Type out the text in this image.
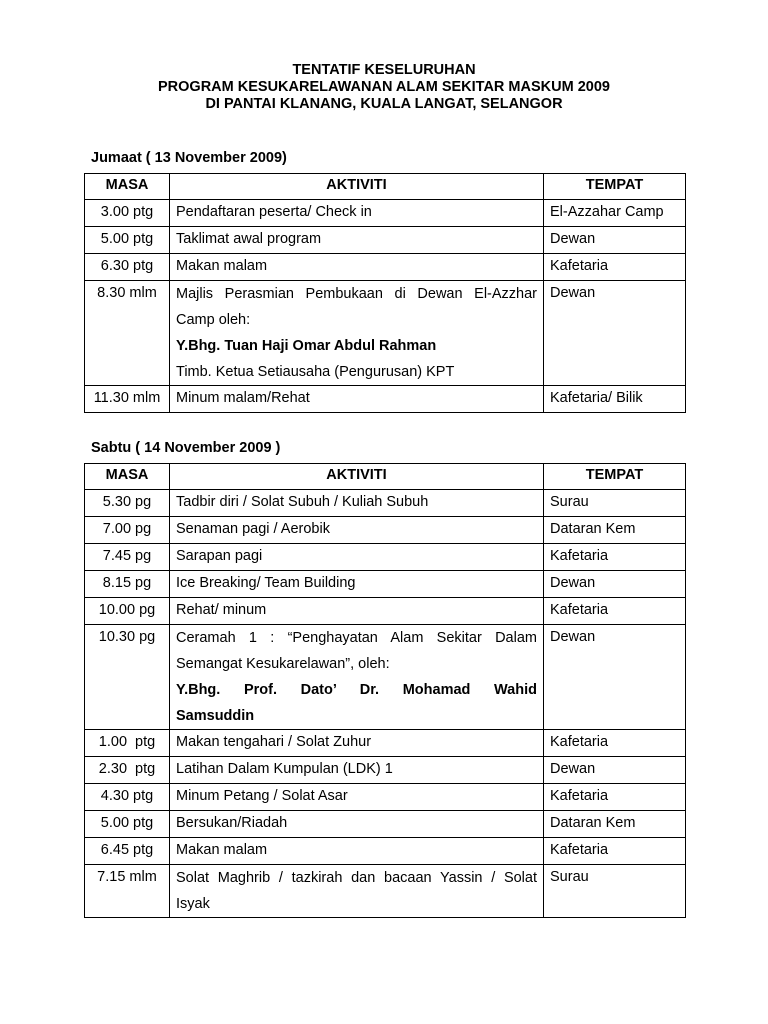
TENTATIF KESELURUHAN
PROGRAM KESUKARELAWANAN ALAM SEKITAR MASKUM 2009
DI PANTAI KLANANG, KUALA LANGAT, SELANGOR
Jumaat ( 13 November 2009)
MASA	AKTIVITI	TEMPAT
3.00 ptg	Pendaftaran peserta/ Check in	El-Azzahar Camp
5.00 ptg	Taklimat awal program	Dewan
6.30 ptg	Makan malam	Kafetaria
8.30 mlm	Majlis Perasmian Pembukaan di Dewan El-Azzhar
Camp oleh:
Y.Bhg. Tuan Haji Omar Abdul Rahman
Timb. Ketua Setiausaha (Pengurusan) KPT	Dewan
11.30 mlm	Minum malam/Rehat	Kafetaria/ Bilik
Sabtu ( 14 November 2009 )
MASA	AKTIVITI	TEMPAT
5.30 pg	Tadbir diri / Solat Subuh / Kuliah Subuh	Surau
7.00 pg	Senaman pagi / Aerobik	Dataran Kem
7.45 pg	Sarapan pagi	Kafetaria
8.15 pg	Ice Breaking/ Team Building	Dewan
10.00 pg	Rehat/ minum	Kafetaria
10.30 pg	Ceramah 1 : “Penghayatan Alam Sekitar Dalam
Semangat Kesukarelawan”, oleh:
Y.Bhg. Prof. Dato’ Dr. Mohamad Wahid
Samsuddin	Dewan
1.00  ptg	Makan tengahari / Solat Zuhur	Kafetaria
2.30  ptg	Latihan Dalam Kumpulan (LDK) 1	Dewan
4.30 ptg	Minum Petang / Solat Asar	Kafetaria
5.00 ptg	Bersukan/Riadah	Dataran Kem
6.45 ptg	Makan malam	Kafetaria
7.15 mlm	Solat Maghrib / tazkirah dan bacaan Yassin / Solat
Isyak	Surau
